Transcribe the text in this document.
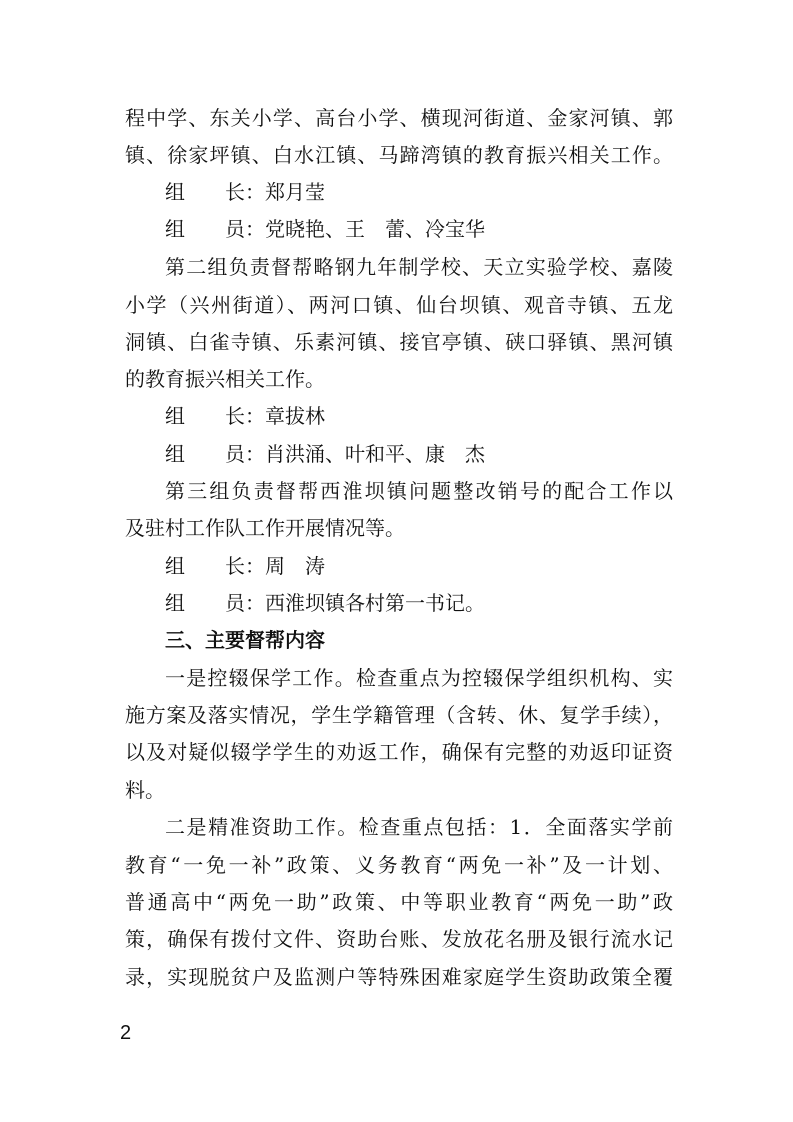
程中学、东关小学、高台小学、横现河街道、金家河镇、郭
镇、徐家坪镇、白水江镇、马蹄湾镇的教育振兴相关工作。
组　　长：郑月莹
组　　员：党晓艳、王　蕾、冷宝华
第二组负责督帮略钢九年制学校、天立实验学校、嘉陵
小学（兴州街道）、两河口镇、仙台坝镇、观音寺镇、五龙
洞镇、白雀寺镇、乐素河镇、接官亭镇、硖口驿镇、黑河镇
的教育振兴相关工作。
组　　长：章拔林
组　　员：肖洪涌、叶和平、康　杰
第三组负责督帮西淮坝镇问题整改销号的配合工作以
及驻村工作队工作开展情况等。
组　　长：周　涛
组　　员：西淮坝镇各村第一书记。
三、主要督帮内容
一是控辍保学工作。检查重点为控辍保学组织机构、实
施方案及落实情况，学生学籍管理（含转、休、复学手续），
以及对疑似辍学学生的劝返工作，确保有完整的劝返印证资
料。
二是精准资助工作。检查重点包括：1．全面落实学前
教育“一免一补”政策、义务教育“两免一补”及一计划、
普通高中“两免一助”政策、中等职业教育“两免一助”政
策，确保有拨付文件、资助台账、发放花名册及银行流水记
录，实现脱贫户及监测户等特殊困难家庭学生资助政策全覆
2
